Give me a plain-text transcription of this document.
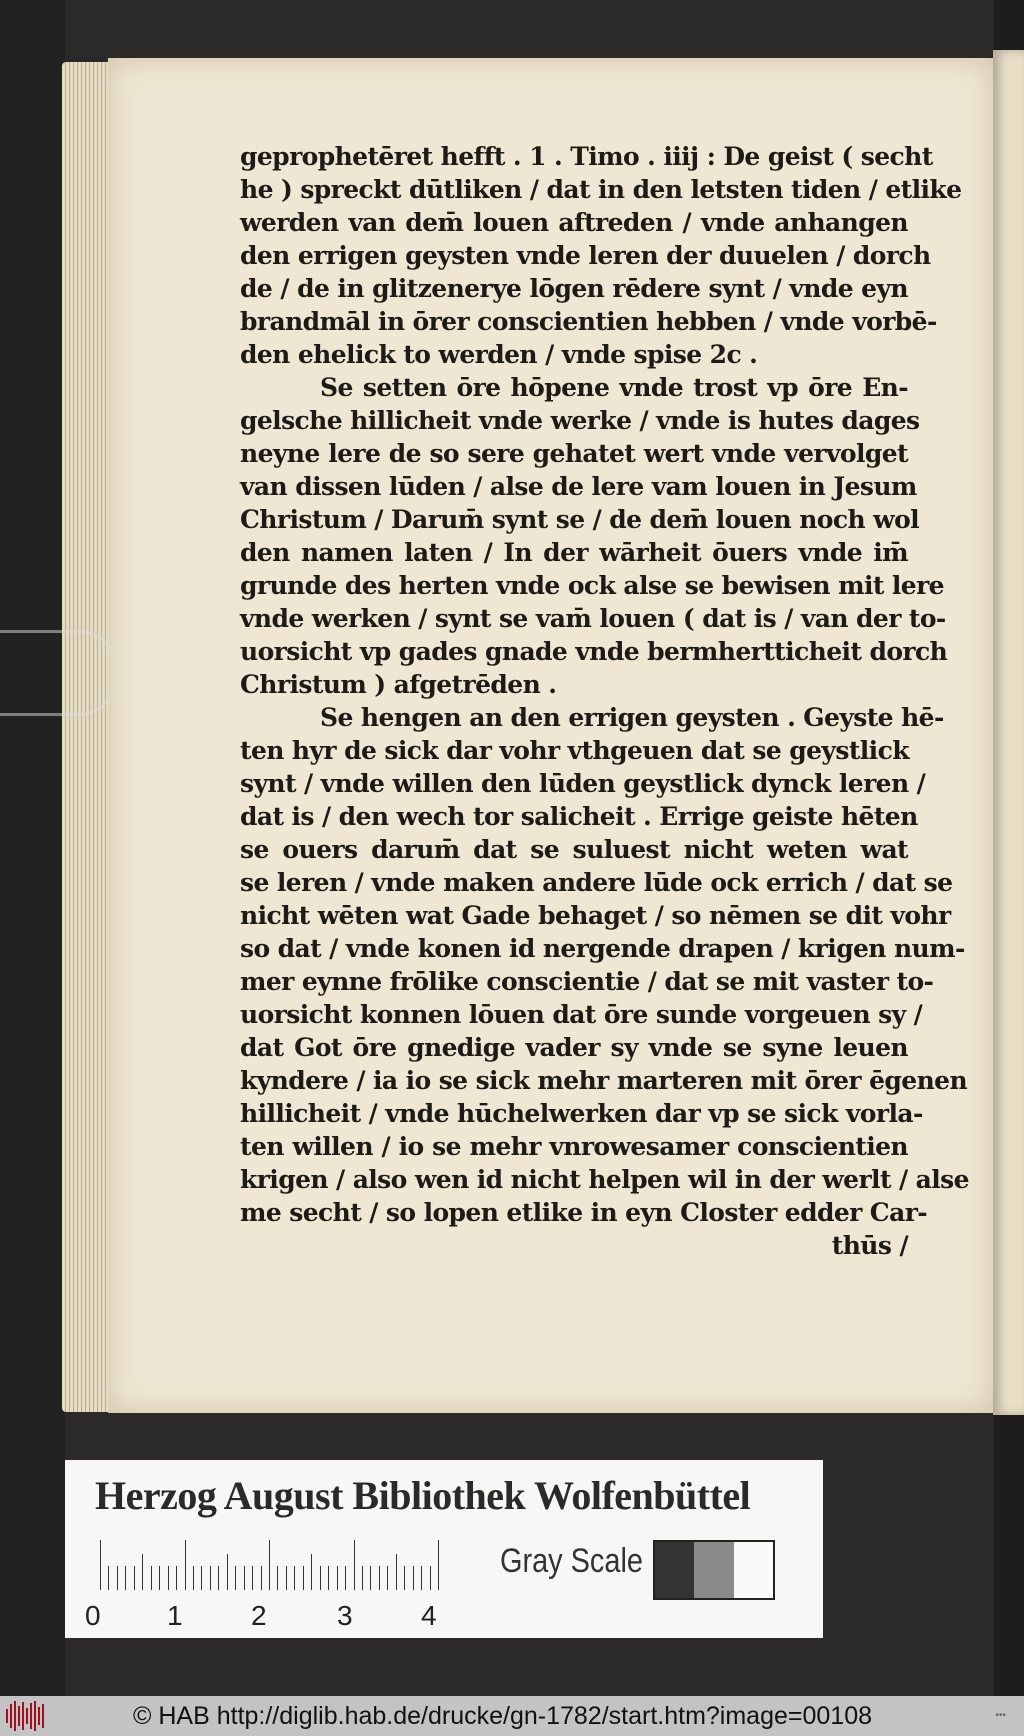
geprophetēret hefft . 1 . Timo . iiij : De geist ( secht
he ) spreckt dūtliken / dat in den letsten tiden / etlike
werden van dem̄ louen aftreden / vnde anhangen
den errigen geysten vnde leren der duuelen / dorch
de / de in glitzenerye lōgen rēdere synt / vnde eyn
brandmāl in ōrer conscientien hebben / vnde vorbē-
den ehelick to werden / vnde spise 2c .
Se setten ōre hōpene vnde trost vp ōre En-
gelsche hillicheit vnde werke / vnde is hutes dages
neyne lere de so sere gehatet wert vnde vervolget
van dissen lūden / alse de lere vam louen in Jesum
Christum / Darum̄ synt se / de dem̄ louen noch wol
den namen laten / In der wārheit ōuers vnde im̄
grunde des herten vnde ock alse se bewisen mit lere
vnde werken / synt se vam̄ louen ( dat is / van der to-
uorsicht vp gades gnade vnde bermhertticheit dorch
Christum ) afgetrēden .
Se hengen an den errigen geysten . Geyste hē-
ten hyr de sick dar vohr vthgeuen dat se geystlick
synt / vnde willen den lūden geystlick dynck leren /
dat is / den wech tor salicheit . Errige geiste hēten
se ouers darum̄ dat se suluest nicht weten wat
se leren / vnde maken andere lūde ock errich / dat se
nicht wēten wat Gade behaget / so nēmen se dit vohr
so dat / vnde konen id nergende drapen / krigen num-
mer eynne frōlike conscientie / dat se mit vaster to-
uorsicht konnen lōuen dat ōre sunde vorgeuen sy /
dat Got ōre gnedige vader sy vnde se syne leuen
kyndere / ia io se sick mehr marteren mit ōrer ēgenen
hillicheit / vnde hūchelwerken dar vp se sick vorla-
ten willen / io se mehr vnrowesamer conscientien
krigen / also wen id nicht helpen wil in der werlt / alse
me secht / so lopen etlike in eyn Closter edder Car-
thūs /
Herzog August Bibliothek Wolfenbüttel
0 1 2	3 4
Gray Scale
© HAB http://diglib.hab.de/drucke/gn-1782/start.htm?image=00108	•••
